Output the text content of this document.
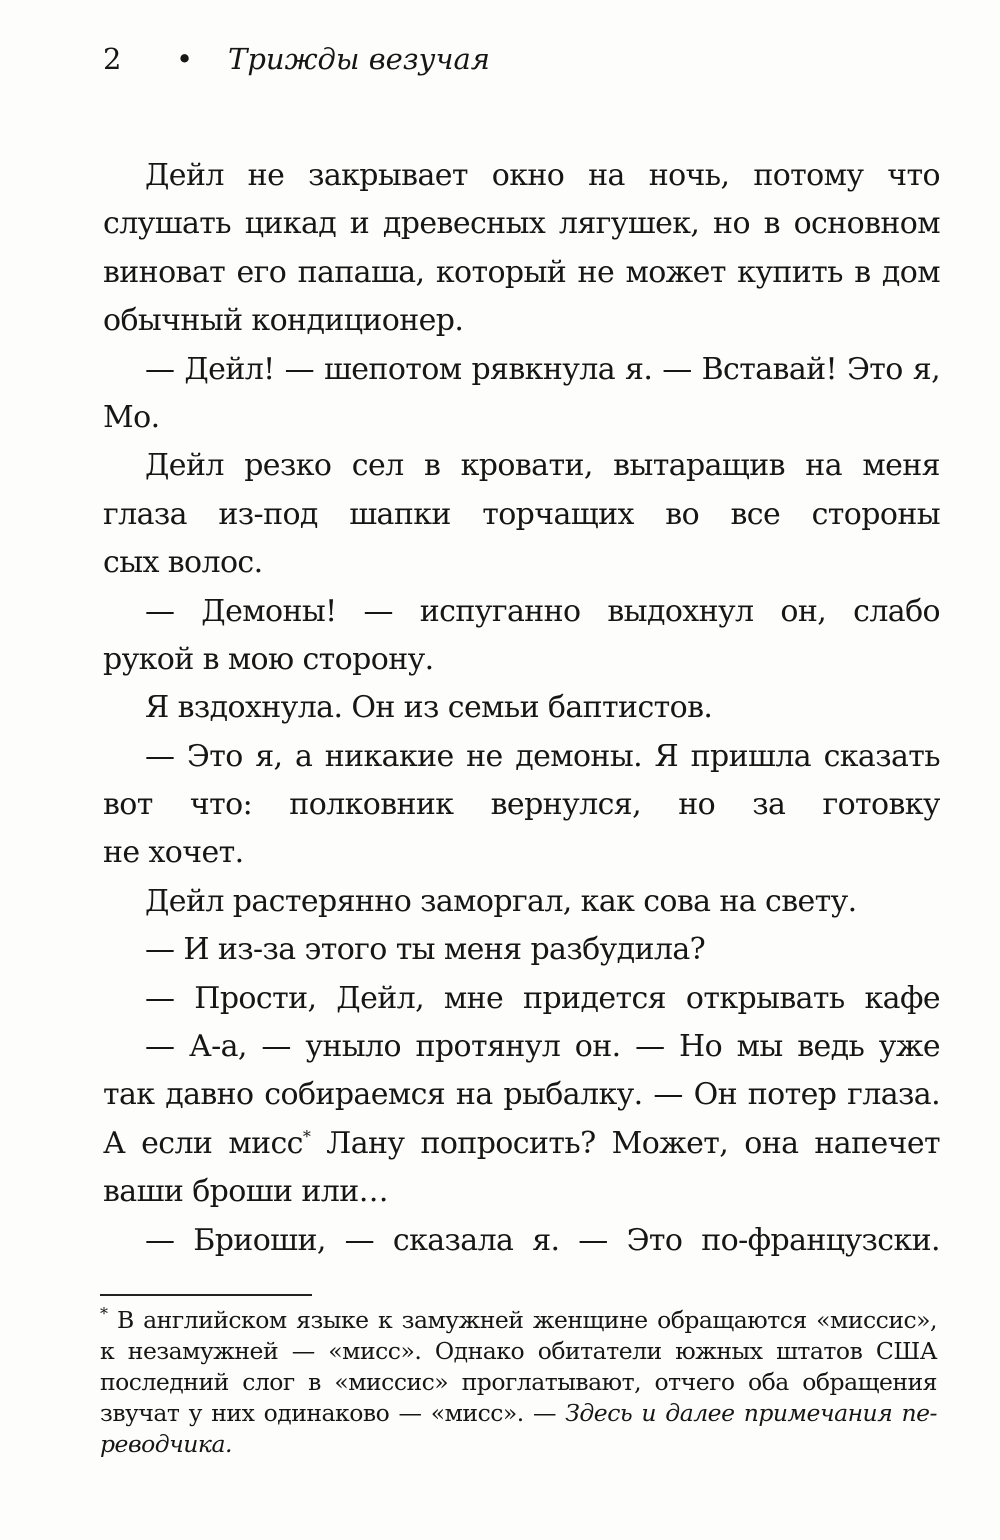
2 • Трижды везучая
Дейл не закрывает окно на ночь, потому что
слушать цикад и древесных лягушек, но в основном
виноват его папаша, который не может купить в дом
обычный кондиционер.
— Дейл! — шепотом рявкнула я. — Вставай! Это я,
Мо.
Дейл резко сел в кровати, вытаращив на меня
глаза из-под шапки торчащих во все стороны
сых волос.
— Демоны! — испуганно выдохнул он, слабо
рукой в мою сторону.
Я вздохнула. Он из семьи баптистов.
— Это я, а никакие не демоны. Я пришла сказать
вот что: полковник вернулся, но за готовку
не хочет.
Дейл растерянно заморгал, как сова на свету.
— И из-за этого ты меня разбудила?
— Прости, Дейл, мне придется открывать кафе
— А-а, — уныло протянул он. — Но мы ведь уже
так давно собираемся на рыбалку. — Он потер глаза.
А если мисс* Лану попросить? Может, она напечет
ваши броши или…
— Бриоши, — сказала я. — Это по-французски.
* В английском языке к замужней женщине обращаются «миссис»,
к незамужней — «мисс». Однако обитатели южных штатов США
последний слог в «миссис» проглатывают, отчего оба обращения
звучат у них одинаково — «мисс». — Здесь и далее примечания пе-
реводчика.
